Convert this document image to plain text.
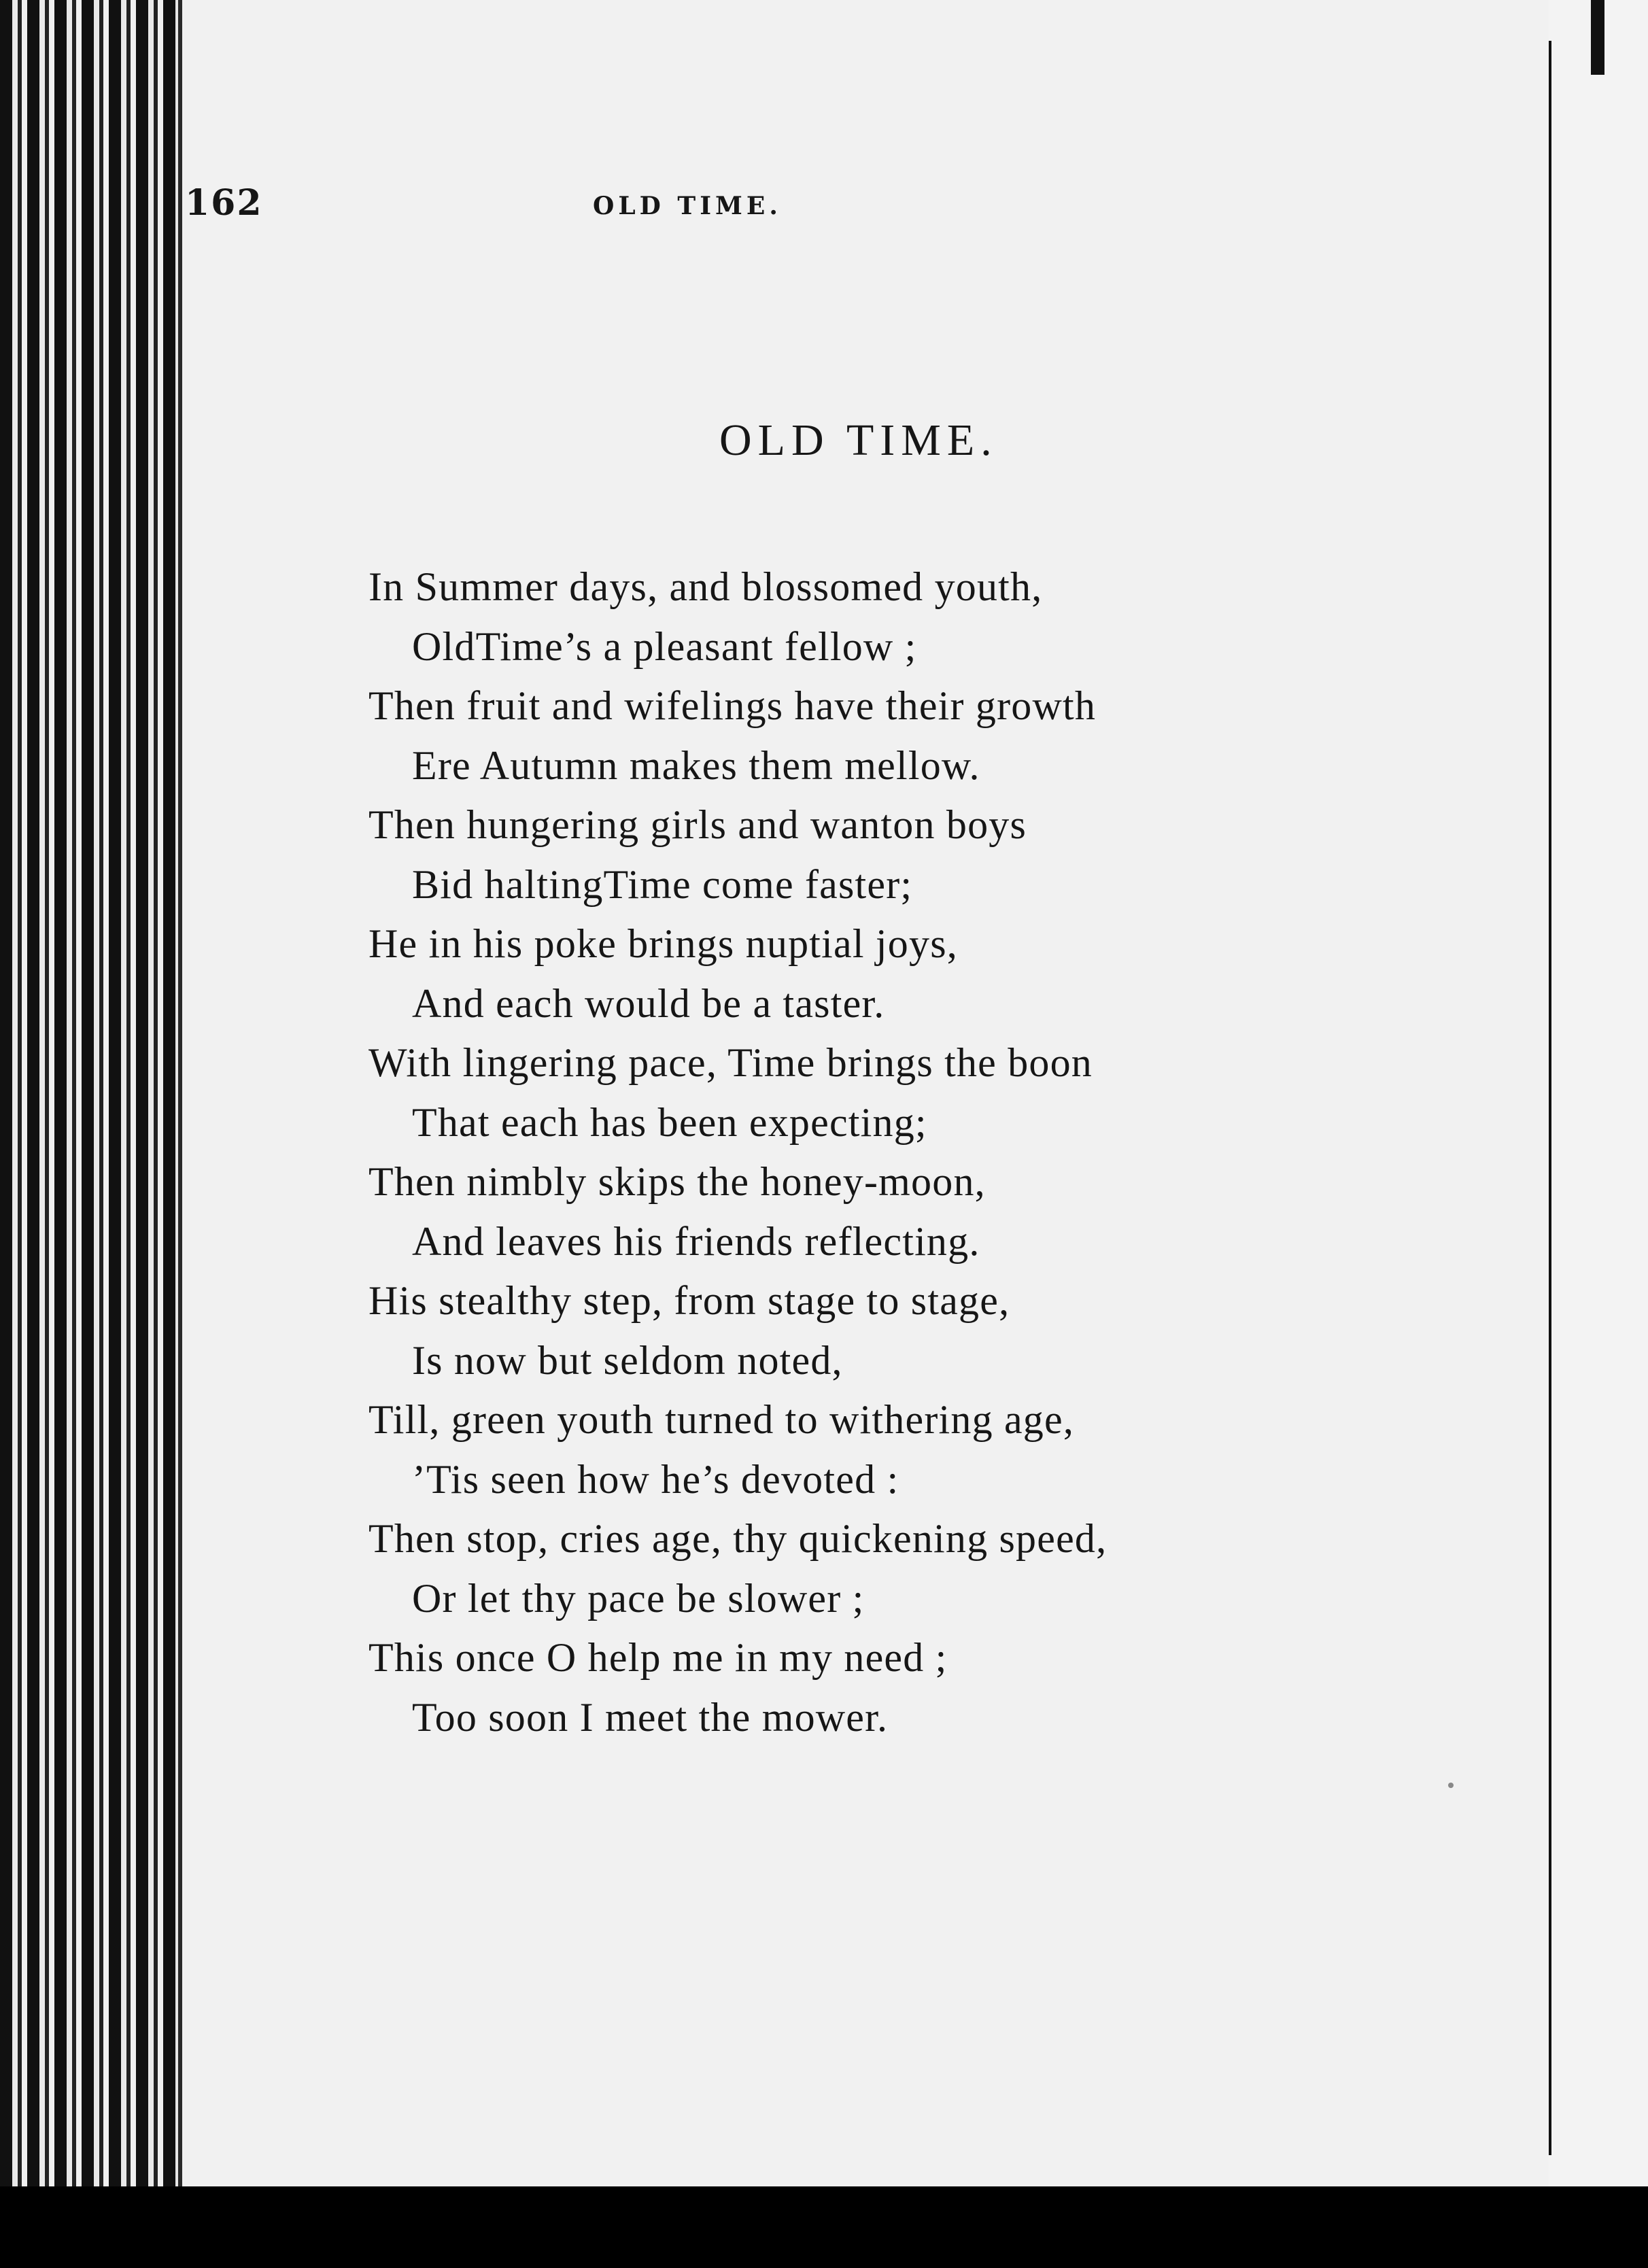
162	OLD TIME.
OLD TIME.
In Summer days, and blossomed youth,
OldTime’s a pleasant fellow ;
Then fruit and wifelings have their growth
Ere Autumn makes them mellow.
Then hungering girls and wanton boys
Bid haltingTime come faster;
He in his poke brings nuptial joys,
And each would be a taster.
With lingering pace, Time brings the boon
That each has been expecting;
Then nimbly skips the honey-moon,
And leaves his friends reflecting.
His stealthy step, from stage to stage,
Is now but seldom noted,
Till, green youth turned to withering age,
’Tis seen how he’s devoted :
Then stop, cries age, thy quickening speed,
Or let thy pace be slower ;
This once O help me in my need ;
Too soon I meet the mower.
